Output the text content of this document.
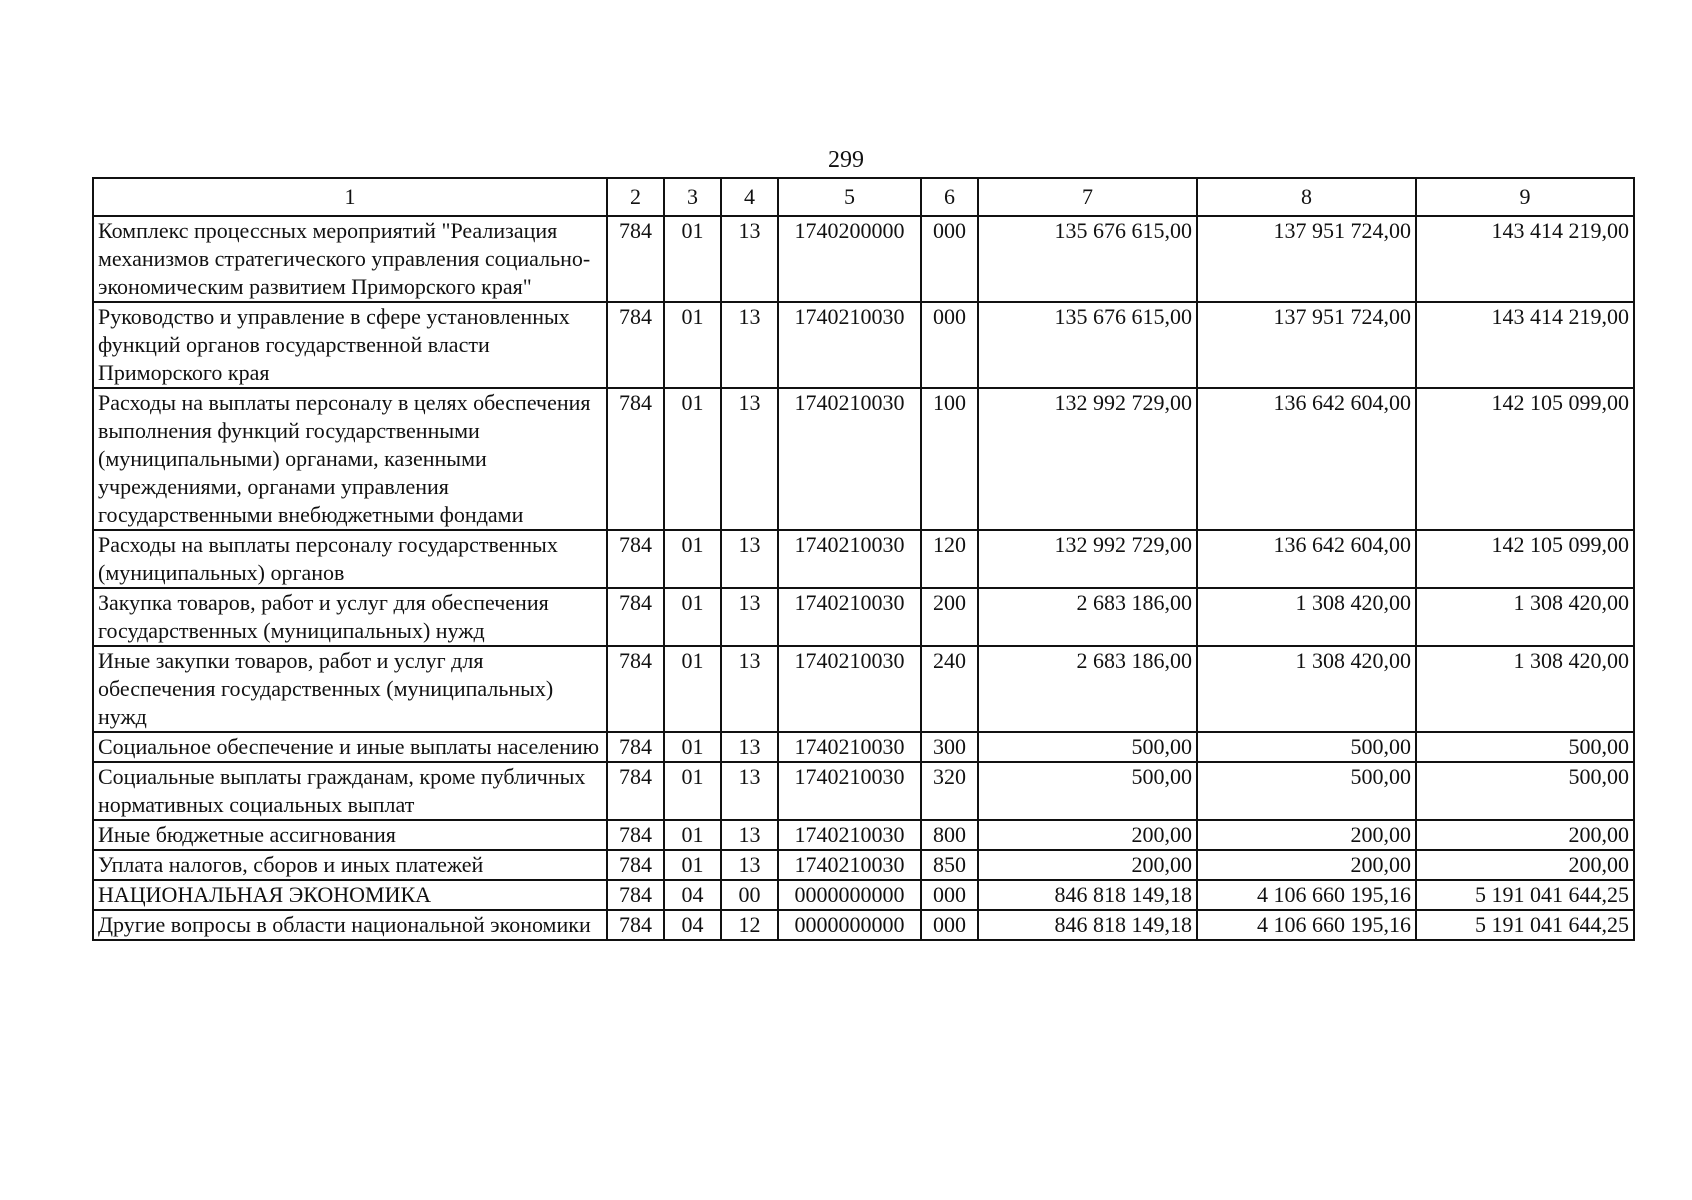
299
1	2	3	4	5	6	7	8	9
Комплекс процессных мероприятий "Реализация механизмов стратегического управления социально-экономическим развитием Приморского края"	784	01	13	1740200000	000	135 676 615,00	137 951 724,00	143 414 219,00
Руководство и управление в сфере установленных функций органов государственной власти Приморского края	784	01	13	1740210030	000	135 676 615,00	137 951 724,00	143 414 219,00
Расходы на выплаты персоналу в целях обеспечения выполнения функций государственными (муниципальными) органами, казенными учреждениями, органами управления государственными внебюджетными фондами	784	01	13	1740210030	100	132 992 729,00	136 642 604,00	142 105 099,00
Расходы на выплаты персоналу государственных (муниципальных) органов	784	01	13	1740210030	120	132 992 729,00	136 642 604,00	142 105 099,00
Закупка товаров, работ и услуг для обеспечения государственных (муниципальных) нужд	784	01	13	1740210030	200	2 683 186,00	1 308 420,00	1 308 420,00
Иные закупки товаров, работ и услуг для обеспечения государственных (муниципальных) нужд	784	01	13	1740210030	240	2 683 186,00	1 308 420,00	1 308 420,00
Социальное обеспечение и иные выплаты населению	784	01	13	1740210030	300	500,00	500,00	500,00
Социальные выплаты гражданам, кроме публичных нормативных социальных выплат	784	01	13	1740210030	320	500,00	500,00	500,00
Иные бюджетные ассигнования	784	01	13	1740210030	800	200,00	200,00	200,00
Уплата налогов, сборов и иных платежей	784	01	13	1740210030	850	200,00	200,00	200,00
НАЦИОНАЛЬНАЯ ЭКОНОМИКА	784	04	00	0000000000	000	846 818 149,18	4 106 660 195,16	5 191 041 644,25
Другие вопросы в области национальной экономики	784	04	12	0000000000	000	846 818 149,18	4 106 660 195,16	5 191 041 644,25
